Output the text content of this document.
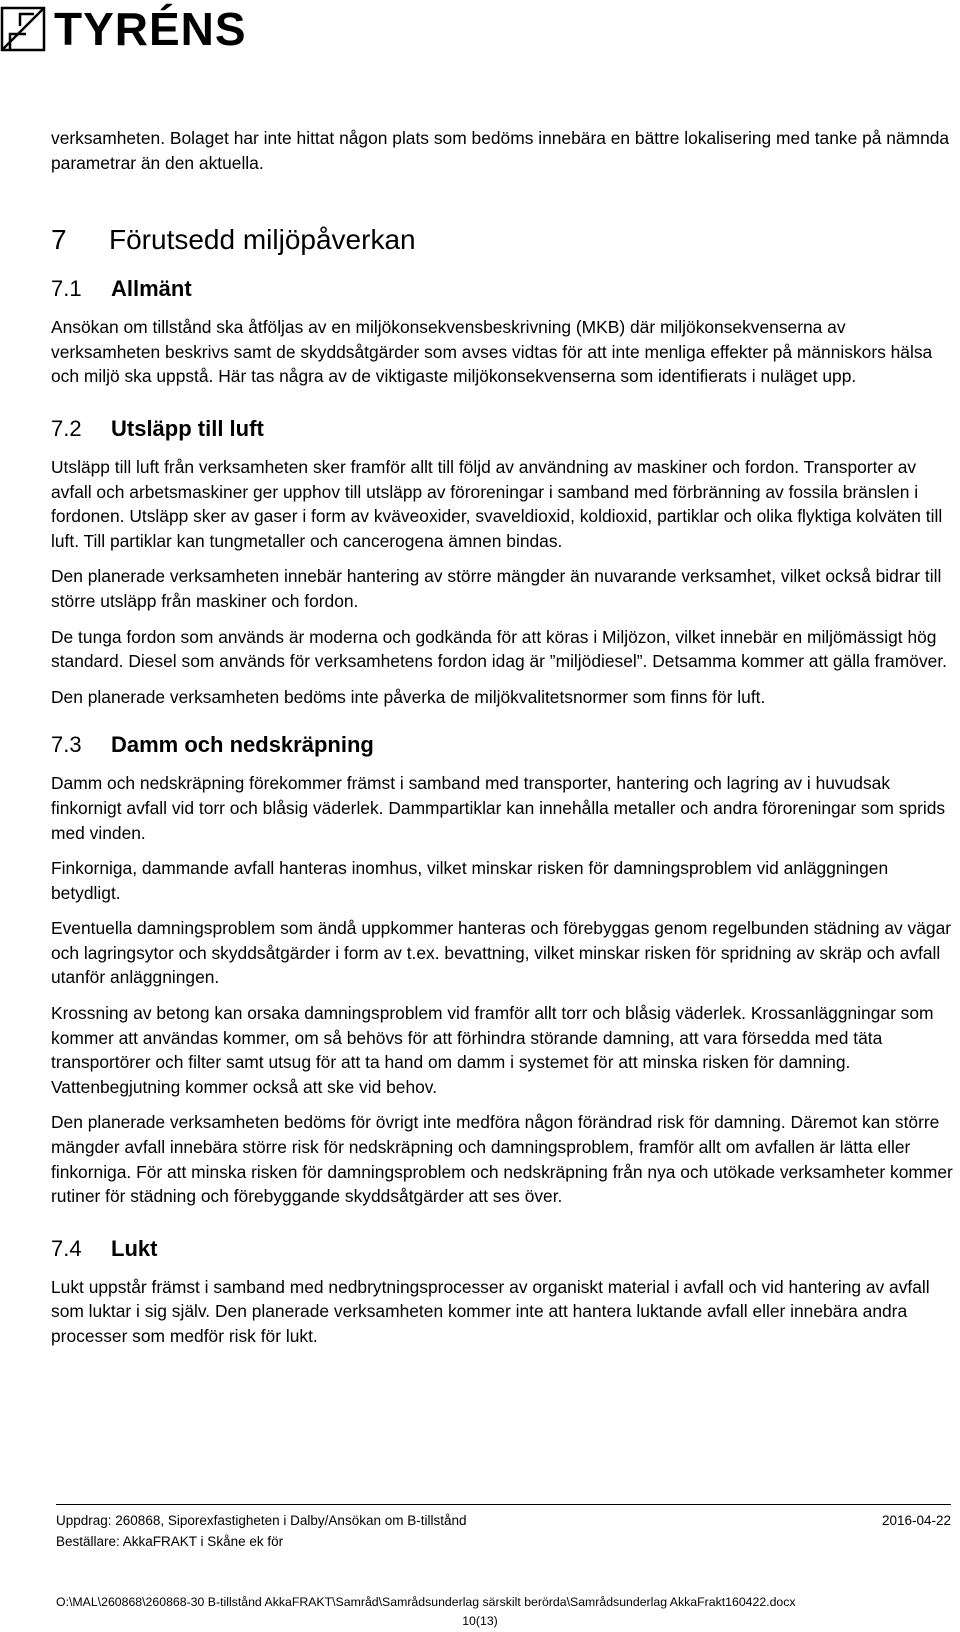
TYRÉNS

verksamheten. Bolaget har inte hittat någon plats som bedöms innebära en bättre lokalisering med tanke på nämnda parametrar än den aktuella.

7	Förutsedd miljöpåverkan
7.1	Allmänt

Ansökan om tillstånd ska åtföljas av en miljökonsekvensbeskrivning (MKB) där miljökonsekvenserna av verksamheten beskrivs samt de skyddsåtgärder som avses vidtas för att inte menliga effekter på människors hälsa och miljö ska uppstå. Här tas några av de viktigaste miljökonsekvenserna som identifierats i nuläget upp.

7.2	Utsläpp till luft

Utsläpp till luft från verksamheten sker framför allt till följd av användning av maskiner och fordon. Transporter av avfall och arbetsmaskiner ger upphov till utsläpp av föroreningar i samband med förbränning av fossila bränslen i fordonen. Utsläpp sker av gaser i form av kväveoxider, svaveldioxid, koldioxid, partiklar och olika flyktiga kolväten till luft. Till partiklar kan tungmetaller och cancerogena ämnen bindas.

Den planerade verksamheten innebär hantering av större mängder än nuvarande verksamhet, vilket också bidrar till större utsläpp från maskiner och fordon.

De tunga fordon som används är moderna och godkända för att köras i Miljözon, vilket innebär en miljömässigt hög standard. Diesel som används för verksamhetens fordon idag är ”miljödiesel”. Detsamma kommer att gälla framöver.

Den planerade verksamheten bedöms inte påverka de miljökvalitetsnormer som finns för luft.

7.3	Damm och nedskräpning

Damm och nedskräpning förekommer främst i samband med transporter, hantering och lagring av i huvudsak finkornigt avfall vid torr och blåsig väderlek. Dammpartiklar kan innehålla metaller och andra föroreningar som sprids med vinden.

Finkorniga, dammande avfall hanteras inomhus, vilket minskar risken för damningsproblem vid anläggningen betydligt.

Eventuella damningsproblem som ändå uppkommer hanteras och förebyggas genom regelbunden städning av vägar och lagringsytor och skyddsåtgärder i form av t.ex. bevattning, vilket minskar risken för spridning av skräp och avfall utanför anläggningen.

Krossning av betong kan orsaka damningsproblem vid framför allt torr och blåsig väderlek. Krossanläggningar som kommer att användas kommer, om så behövs för att förhindra störande damning, att vara försedda med täta transportörer och filter samt utsug för att ta hand om damm i systemet för att minska risken för damning. Vattenbegjutning kommer också att ske vid behov.

Den planerade verksamheten bedöms för övrigt inte medföra någon förändrad risk för damning. Däremot kan större mängder avfall innebära större risk för nedskräpning och damningsproblem, framför allt om avfallen är lätta eller finkorniga. För att minska risken för damningsproblem och nedskräpning från nya och utökade verksamheter kommer rutiner för städning och förebyggande skyddsåtgärder att ses över.

7.4	Lukt

Lukt uppstår främst i samband med nedbrytningsprocesser av organiskt material i avfall och vid hantering av avfall som luktar i sig själv. Den planerade verksamheten kommer inte att hantera luktande avfall eller innebära andra processer som medför risk för lukt.

Uppdrag: 260868, Siporexfastigheten i Dalby/Ansökan om B-tillstånd	2016-04-22
Beställare: AkkaFRAKT i Skåne ek för
O:\MAL\260868\260868-30 B-tillstånd AkkaFRAKT\Samråd\Samrådsunderlag särskilt berörda\Samrådsunderlag AkkaFrakt160422.docx
10(13)
